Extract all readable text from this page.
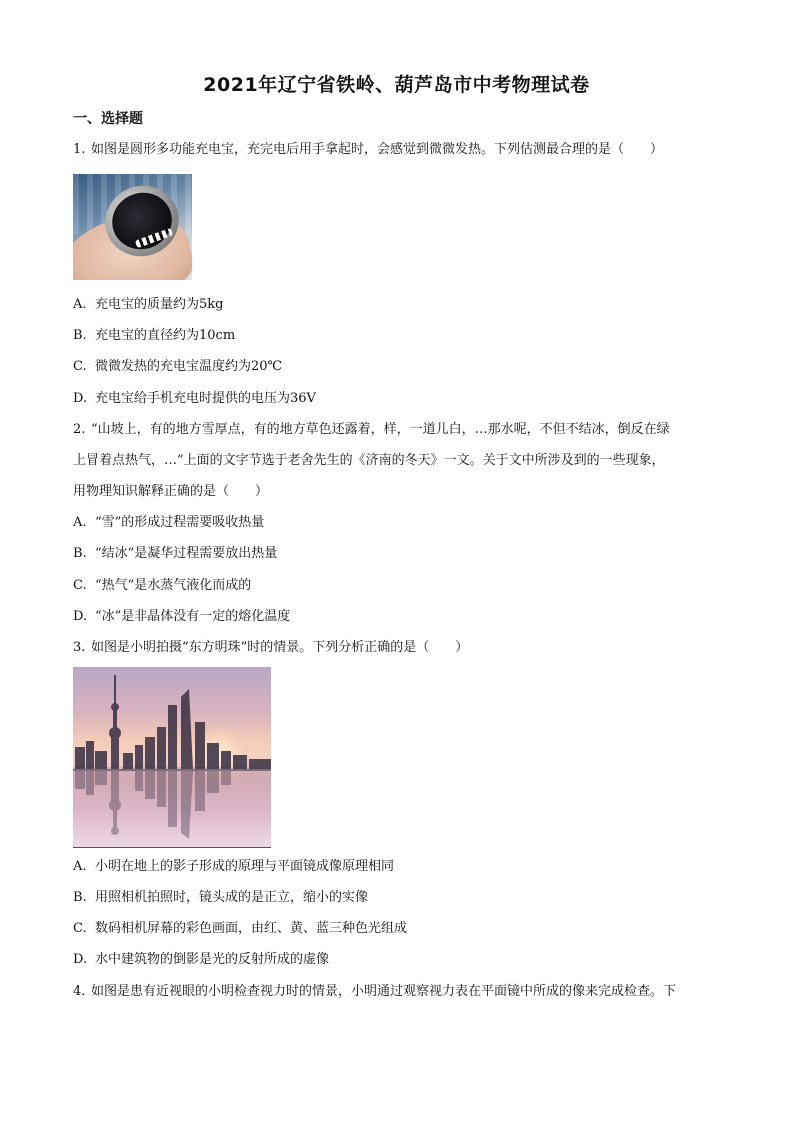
2021年辽宁省铁岭、葫芦岛市中考物理试卷
一、选择题
1. 如图是圆形多功能充电宝，充完电后用手拿起时，会感觉到微微发热。下列估测最合理的是（　　）
A. 充电宝的质量约为5kg
B. 充电宝的直径约为10cm
C. 微微发热的充电宝温度约为20℃
D. 充电宝给手机充电时提供的电压为36V
2. “山坡上，有的地方雪厚点，有的地方草色还露着，样，一道儿白，…那水呢，不但不结冰，倒反在绿
上冒着点热气，…”上面的文字节选于老舍先生的《济南的冬天》一文。关于文中所涉及到的一些现象，
用物理知识解释正确的是（　　）
A. “雪”的形成过程需要吸收热量
B. “结冰”是凝华过程需要放出热量
C. “热气”是水蒸气液化而成的
D. “冰”是非晶体没有一定的熔化温度
3. 如图是小明拍摄“东方明珠”时的情景。下列分析正确的是（　　）
A. 小明在地上的影子形成的原理与平面镜成像原理相同
B. 用照相机拍照时，镜头成的是正立，缩小的实像
C. 数码相机屏幕的彩色画面，由红、黄、蓝三种色光组成
D. 水中建筑物的倒影是光的反射所成的虚像
4. 如图是患有近视眼的小明检查视力时的情景，小明通过观察视力表在平面镜中所成的像来完成检查。下
